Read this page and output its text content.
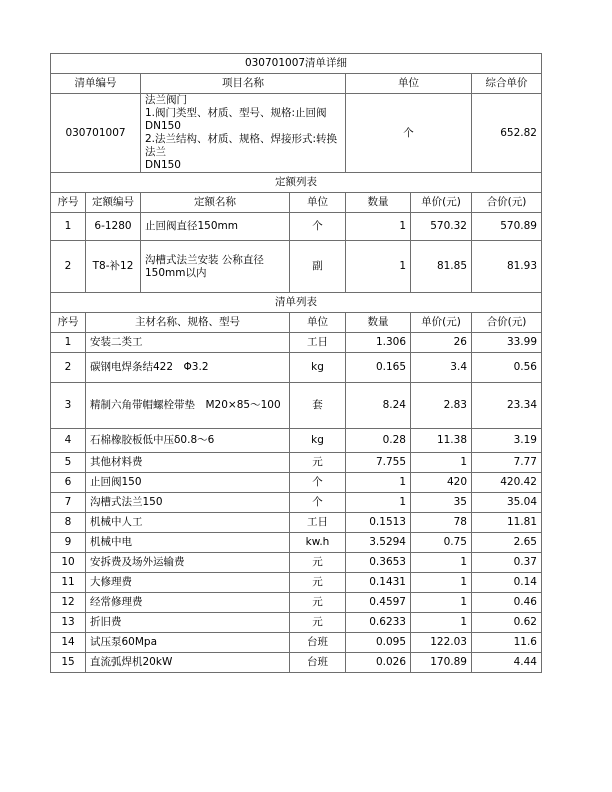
030701007清单详细						
清单编号		项目名称		单位		综合单价
030701007		法兰阀门
1.阀门类型、材质、型号、规格:止回阀DN150
2.法兰结构、材质、规格、焊接形式:转换法兰
DN150		个		652.82
定额列表						
序号	定额编号	定额名称	单位	数量	单价(元)	合价(元)
1	6-1280	止回阀直径150mm	个	1	570.32	570.89
2	T8-补12	沟槽式法兰安装 公称直径150mm以内	副	1	81.85	81.93
清单列表						
序号	主材名称、规格、型号		单位	数量	单价(元)	合价(元)
1	安装二类工		工日	1.306	26	33.99
2	碳钢电焊条结422　Φ3.2		kg	0.165	3.4	0.56
3	精制六角带帽螺栓带垫　M20×85～100		套	8.24	2.83	23.34
4	石棉橡胶板低中压δ0.8～6		kg	0.28	11.38	3.19
5	其他材料费		元	7.755	1	7.77
6	止回阀150		个	1	420	420.42
7	沟槽式法兰150		个	1	35	35.04
8	机械中人工		工日	0.1513	78	11.81
9	机械中电		kw.h	3.5294	0.75	2.65
10	安拆费及场外运输费		元	0.3653	1	0.37
11	大修理费		元	0.1431	1	0.14
12	经常修理费		元	0.4597	1	0.46
13	折旧费		元	0.6233	1	0.62
14	试压泵60Mpa		台班	0.095	122.03	11.6
15	直流弧焊机20kW		台班	0.026	170.89	4.44
